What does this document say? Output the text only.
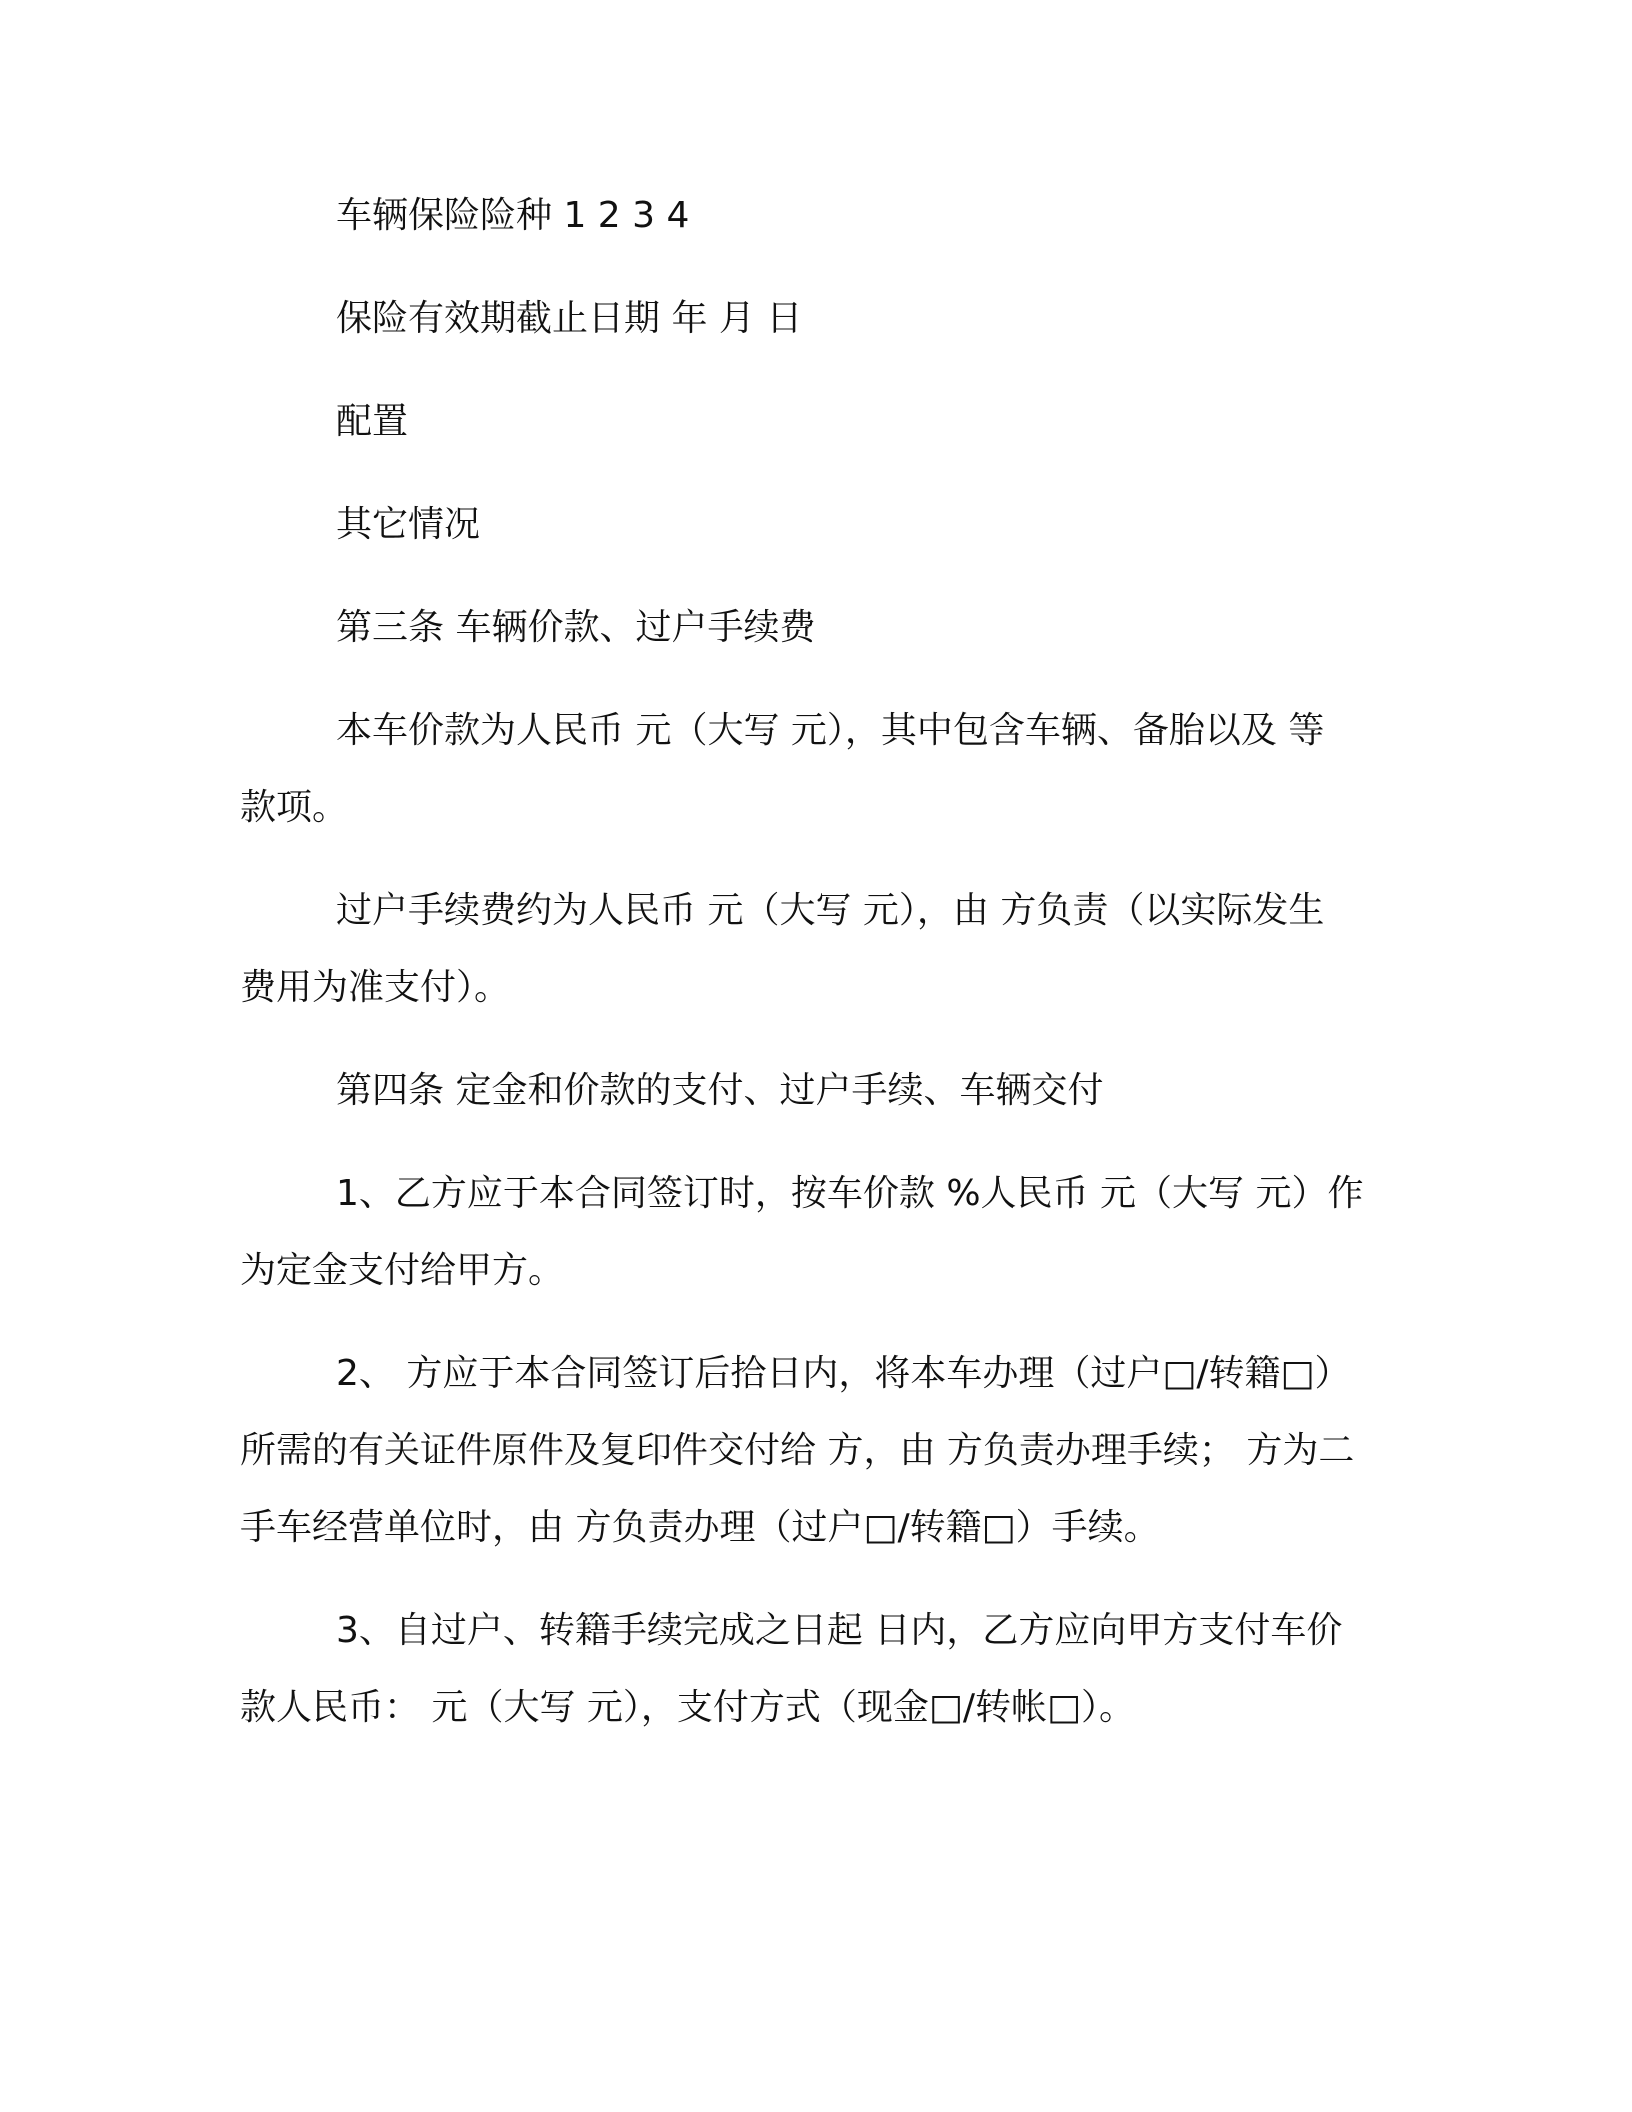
车辆保险险种 1 2 3 4
保险有效期截止日期 年 月 日
配置
其它情况
第三条 车辆价款、过户手续费
本车价款为人民币 元（大写 元），其中包含车辆、备胎以及 等
款项。
过户手续费约为人民币 元（大写 元），由 方负责（以实际发生
费用为准支付）。
第四条 定金和价款的支付、过户手续、车辆交付
1、乙方应于本合同签订时，按车价款 %人民币 元（大写 元）作
为定金支付给甲方。
2、 方应于本合同签订后拾日内，将本车办理（过户□/转籍□）
所需的有关证件原件及复印件交付给 方，由 方负责办理手续； 方为二
手车经营单位时，由 方负责办理（过户□/转籍□）手续。
3、自过户、转籍手续完成之日起 日内，乙方应向甲方支付车价
款人民币： 元（大写 元），支付方式（现金□/转帐□）。
